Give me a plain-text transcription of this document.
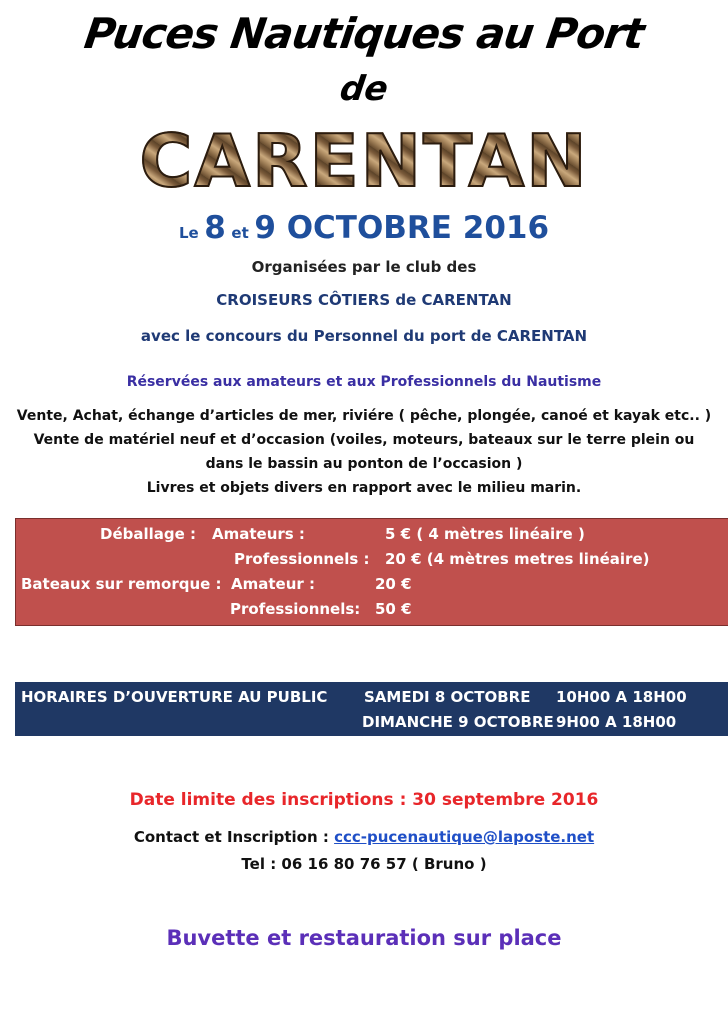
Puces Nautiques au Port
de
CARENTAN
Le 8 et 9 OCTOBRE 2016
Organisées par le club des
CROISEURS CÔTIERS de CARENTAN
avec le concours du Personnel du port de CARENTAN
Réservées aux amateurs et aux Professionnels du Nautisme
Vente, Achat, échange d’articles de mer, riviére ( pêche, plongée, canoé et kayak etc.. )
Vente de matériel neuf et d’occasion (voiles, moteurs, bateaux sur le terre plein ou
dans le bassin au ponton de l’occasion )
Livres et objets divers en rapport avec le milieu marin.
Déballage : Amateurs :	5 € ( 4 mètres linéaire )
Professionnels : 20 € (4 mètres metres linéaire)
Bateaux sur remorque : Amateur :	20 €
Professionnels: 50 €
HORAIRES D’OUVERTURE AU PUBLIC SAMEDI 8 OCTOBRE 10H00 A 18H00
DIMANCHE 9 OCTOBRE 9H00 A 18H00
Date limite des inscriptions : 30 septembre 2016
Contact et Inscription : ccc-pucenautique@laposte.net
Tel : 06 16 80 76 57 ( Bruno )
Buvette et restauration sur place
